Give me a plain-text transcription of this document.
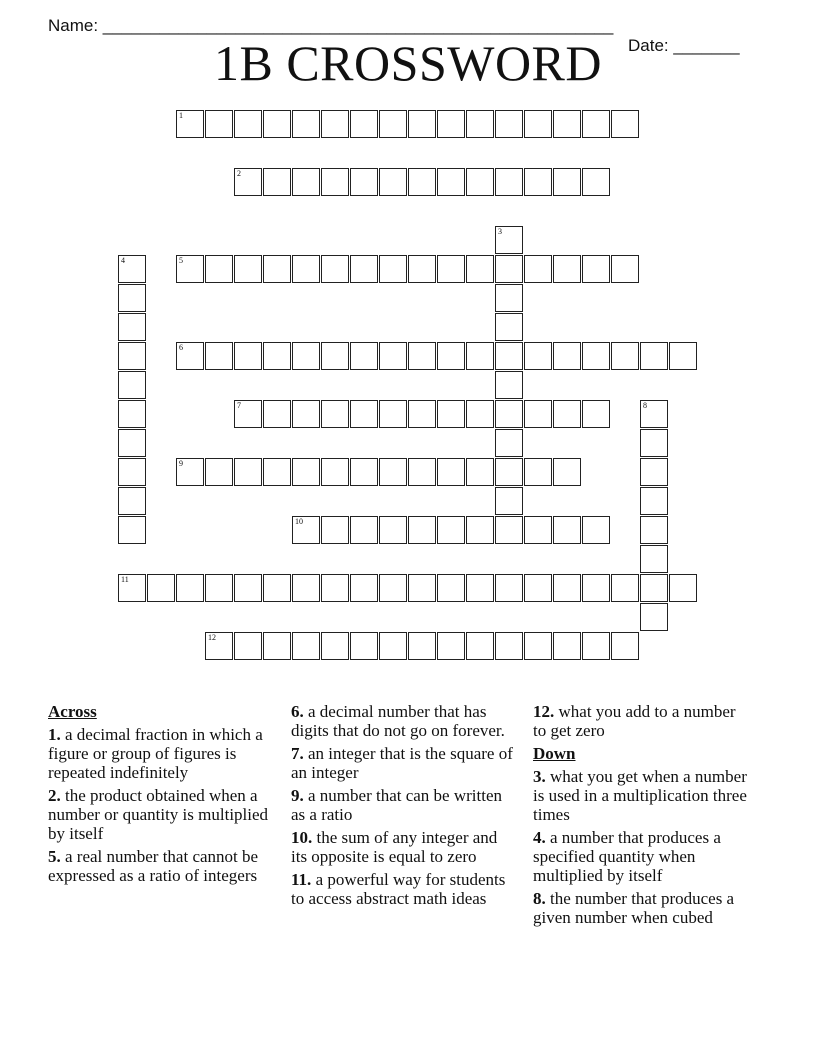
Name: ______________________________________________________

Date: _______

1B CROSSWORD
1
2
3
4	5
6
7	8
9
10
11
12
Across
1. a decimal fraction in which a figure or group of figures is repeated indefinitely
2. the product obtained when a number or quantity is multiplied by itself
5. a real number that cannot be expressed as a ratio of integers
6. a decimal number that has digits that do not go on forever.
7. an integer that is the square of an integer
9. a number that can be written as a ratio
10. the sum of any integer and its opposite is equal to zero
11. a powerful way for students to access abstract math ideas
12. what you add to a number to get zero
Down
3. what you get when a number is used in a multiplication three times
4. a number that produces a specified quantity when multiplied by itself
8. the number that produces a given number when cubed
